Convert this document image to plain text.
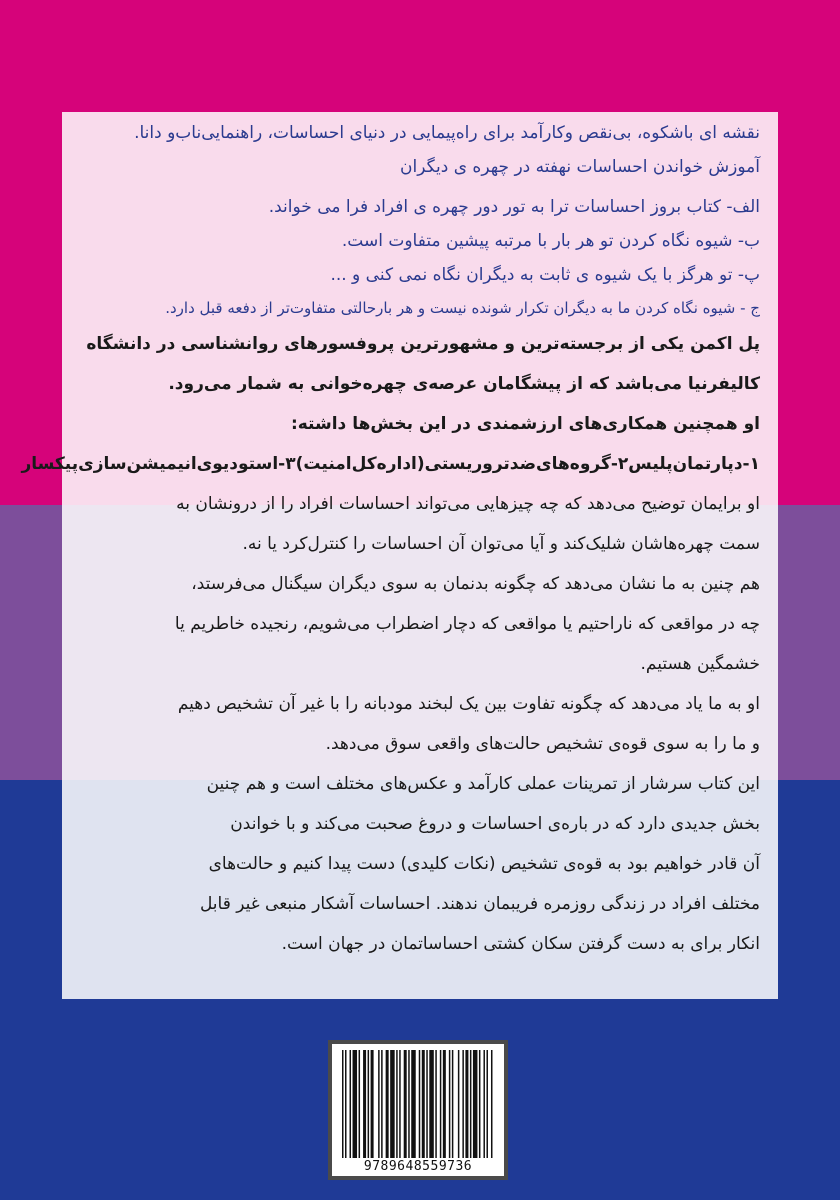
نقشه ای باشکوه، بی‌نقص وکارآمد برای راه‌پیمایی در دنیای احساسات، راهنمایی‌ناب‌و دانا.

آموزش خواندن احساسات نهفته در چهره ی دیگران

الف- کتاب بروز احساسات ترا به تور دور چهره ی افراد فرا می خواند.

ب- شیوه نگاه کردن تو هر بار با مرتبه پیشین متفاوت است.

پ- تو هرگز با یک شیوه ی ثابت به دیگران نگاه نمی کنی و ...

ج - شیوه نگاه کردن ما به دیگران تکرار شونده نیست و هر بارحالتی متفاوت‌تر از دفعه قبل دارد.

پل اکمن یکی از برجسته‌ترین و مشهورترین پروفسورهای روانشناسی در دانشگاه
کالیفرنیا می‌باشد که از پیشگامان عرصه‌ی چهره‌خوانی به شمار می‌رود.
او همچنین همکاری‌های ارزشمندی در این بخش‌ها داشته:
۱-دپارتمان‌پلیس۲-گروه‌های‌ضدتروریستی(اداره‌کل‌امنیت)۳-استودیوی‌انیمیشن‌سازی‌پیکسار
او برایمان توضیح می‌دهد که چه چیزهایی می‌تواند احساسات افراد را از درونشان به
سمت چهره‌هاشان شلیک‌کند و آیا می‌توان آن احساسات را کنترل‌کرد یا نه.
هم چنین به ما نشان می‌دهد که چگونه بدنمان به سوی دیگران سیگنال می‌فرستد،
چه در مواقعی که ناراحتیم یا مواقعی که دچار اضطراب می‌شویم، رنجیده خاطریم یا
خشمگین هستیم.
او به ما یاد می‌دهد که چگونه تفاوت بین یک لبخند مودبانه را با غیر آن تشخیص دهیم
و ما را به سوی قوه‌ی تشخیص حالت‌های واقعی سوق می‌دهد.
این کتاب سرشار از تمرینات عملی کارآمد و عکس‌های مختلف است و هم چنین
بخش جدیدی دارد که در باره‌ی احساسات و دروغ صحبت می‌کند و با خواندن
آن قادر خواهیم بود به قوه‌ی تشخیص (نکات کلیدی) دست پیدا کنیم و حالت‌های
مختلف افراد در زندگی روزمره فریبمان ندهند. احساسات آشکار منبعی غیر قابل
انکار برای به دست گرفتن سکان کشتی احساساتمان در جهان است.
9789648559736
